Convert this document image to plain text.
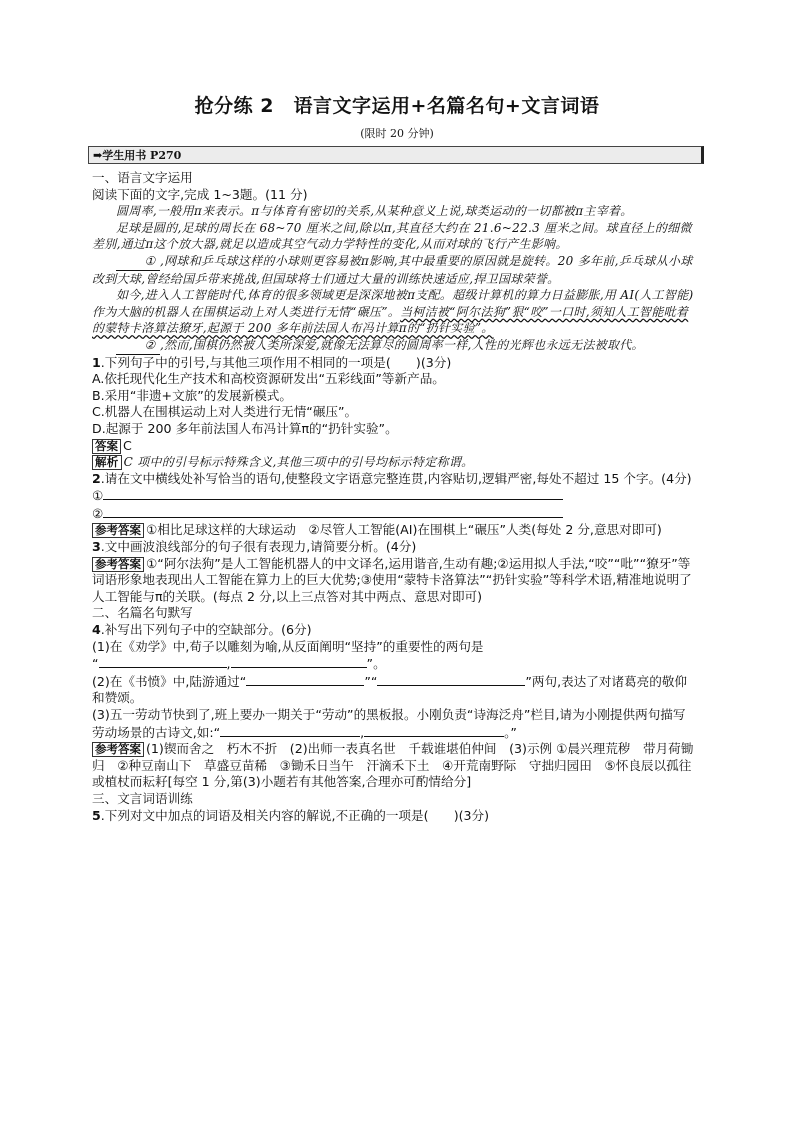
抢分练 2　语言文字运用+名篇名句+文言词语
(限时 20 分钟)
➡学生用书 P270

一、语言文字运用

阅读下面的文字,完成 1~3题。(11 分)

圆周率,一般用π来表示。π与体育有密切的关系,从某种意义上说,球类运动的一切都被π主宰着。

足球是圆的,足球的周长在 68~70 厘米之间,除以π,其直径大约在 21.6~22.3 厘米之间。球直径上的细微差别,通过π这个放大器,就足以造成其空气动力学特性的变化,从而对球的飞行产生影响。

① ,网球和乒乓球这样的小球则更容易被π影响,其中最重要的原因就是旋转。20 多年前,乒乓球从小球改到大球,曾经给国乒带来挑战,但国球将士们通过大量的训练快速适应,捍卫国球荣誉。

如今,进入人工智能时代,体育的很多领域更是深深地被π支配。超级计算机的算力日益膨胀,用 AI(人工智能)作为大脑的机器人在围棋运动上对人类进行无情“碾压”。当柯洁被“阿尔法狗”狠“咬”一口时,须知人工智能吡着的蒙特卡洛算法獠牙,起源于 200 多年前法国人布冯计算π的“扔针实验”。

② ,然而,围棋仍然被人类所深爱,就像无法算尽的圆周率一样,人性的光辉也永远无法被取代。

1.下列句子中的引号,与其他三项作用不相同的一项是(　　)(3分)

A.依托现代化生产技术和高校资源研发出“五彩线面”等新产品。

B.采用“非遗+文旅”的发展新模式。

C.机器人在围棋运动上对人类进行无情“碾压”。

D.起源于 200 多年前法国人布冯计算π的“扔针实验”。

答案 C

解析 C 项中的引号标示特殊含义,其他三项中的引号均标示特定称谓。

2.请在文中横线处补写恰当的语句,使整段文字语意完整连贯,内容贴切,逻辑严密,每处不超过 15 个字。(4分)

①

②

参考答案 ①相比足球这样的大球运动　②尽管人工智能(AI)在围棋上“碾压”人类(每处 2 分,意思对即可)

3.文中画波浪线部分的句子很有表现力,请简要分析。(4分)

参考答案 ①“阿尔法狗”是人工智能机器人的中文译名,运用谐音,生动有趣;②运用拟人手法,“咬”“吡”“獠牙”等词语形象地表现出人工智能在算力上的巨大优势;③使用“蒙特卡洛算法”“扔针实验”等科学术语,精准地说明了人工智能与π的关联。(每点 2 分,以上三点答对其中两点、意思对即可)

二、名篇名句默写

4.补写出下列句子中的空缺部分。(6分)

(1)在《劝学》中,荀子以雕刻为喻,从反面阐明“坚持”的重要性的两句是

“	,	”。

(2)在《书愤》中,陆游通过“	”“	”两句,表达了对诸葛亮的敬仰和赞颂。

(3)五一劳动节快到了,班上要办一期关于“劳动”的黑板报。小刚负责“诗海泛舟”栏目,请为小刚提供两句描写劳动场景的古诗文,如:“	,	。”

参考答案 (1)锲而舍之　朽木不折　(2)出师一表真名世　千载谁堪伯仲间　(3)示例 ①晨兴理荒秽　带月荷锄归　②种豆南山下　草盛豆苗稀　③锄禾日当午　汗滴禾下土　④开荒南野际　守拙归园田　⑤怀良辰以孤往　或植杖而耘耔[每空 1 分,第(3)小题若有其他答案,合理亦可酌情给分]

三、文言词语训练

5.下列对文中加点的词语及相关内容的解说,不正确的一项是(　　)(3分)
